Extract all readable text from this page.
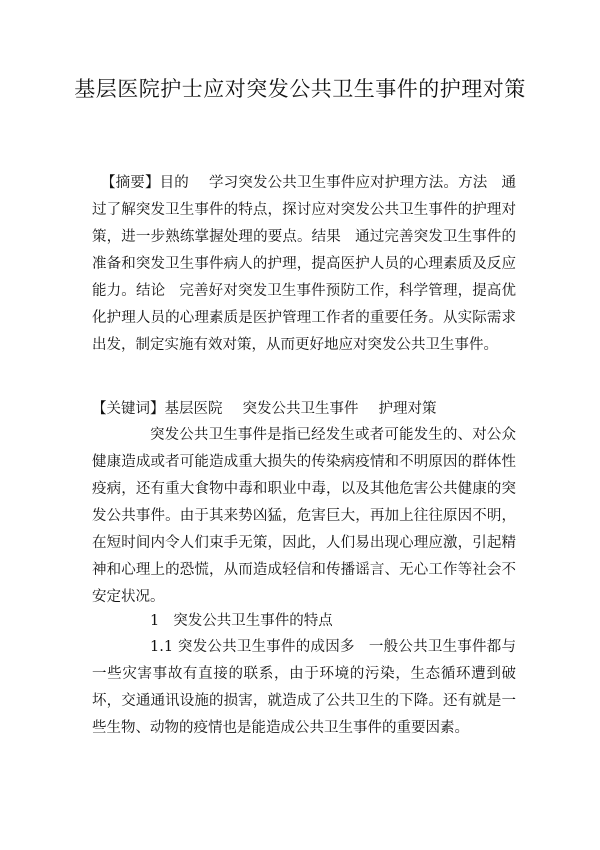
基层医院护士应对突发公共卫生事件的护理对策
【摘要】目的 学习突发公共卫生事件应对护理方法。方法 通过了解突发卫生事件的特点，探讨应对突发公共卫生事件的护理对策，进一步熟练掌握处理的要点。结果 通过完善突发卫生事件的准备和突发卫生事件病人的护理，提高医护人员的心理素质及反应能力。结论 完善好对突发卫生事件预防工作，科学管理，提高优化护理人员的心理素质是医护管理工作者的重要任务。从实际需求出发，制定实施有效对策，从而更好地应对突发公共卫生事件。
【关键词】基层医院 突发公共卫生事件 护理对策
突发公共卫生事件是指已经发生或者可能发生的、对公众健康造成或者可能造成重大损失的传染病疫情和不明原因的群体性疫病，还有重大食物中毒和职业中毒，以及其他危害公共健康的突发公共事件。由于其来势凶猛，危害巨大，再加上往往原因不明，在短时间内令人们束手无策，因此，人们易出现心理应激，引起精神和心理上的恐慌，从而造成轻信和传播谣言、无心工作等社会不安定状况。
1 突发公共卫生事件的特点
1.1 突发公共卫生事件的成因多 一般公共卫生事件都与一些灾害事故有直接的联系，由于环境的污染，生态循环遭到破坏，交通通讯设施的损害，就造成了公共卫生的下降。还有就是一些生物、动物的疫情也是能造成公共卫生事件的重要因素。
